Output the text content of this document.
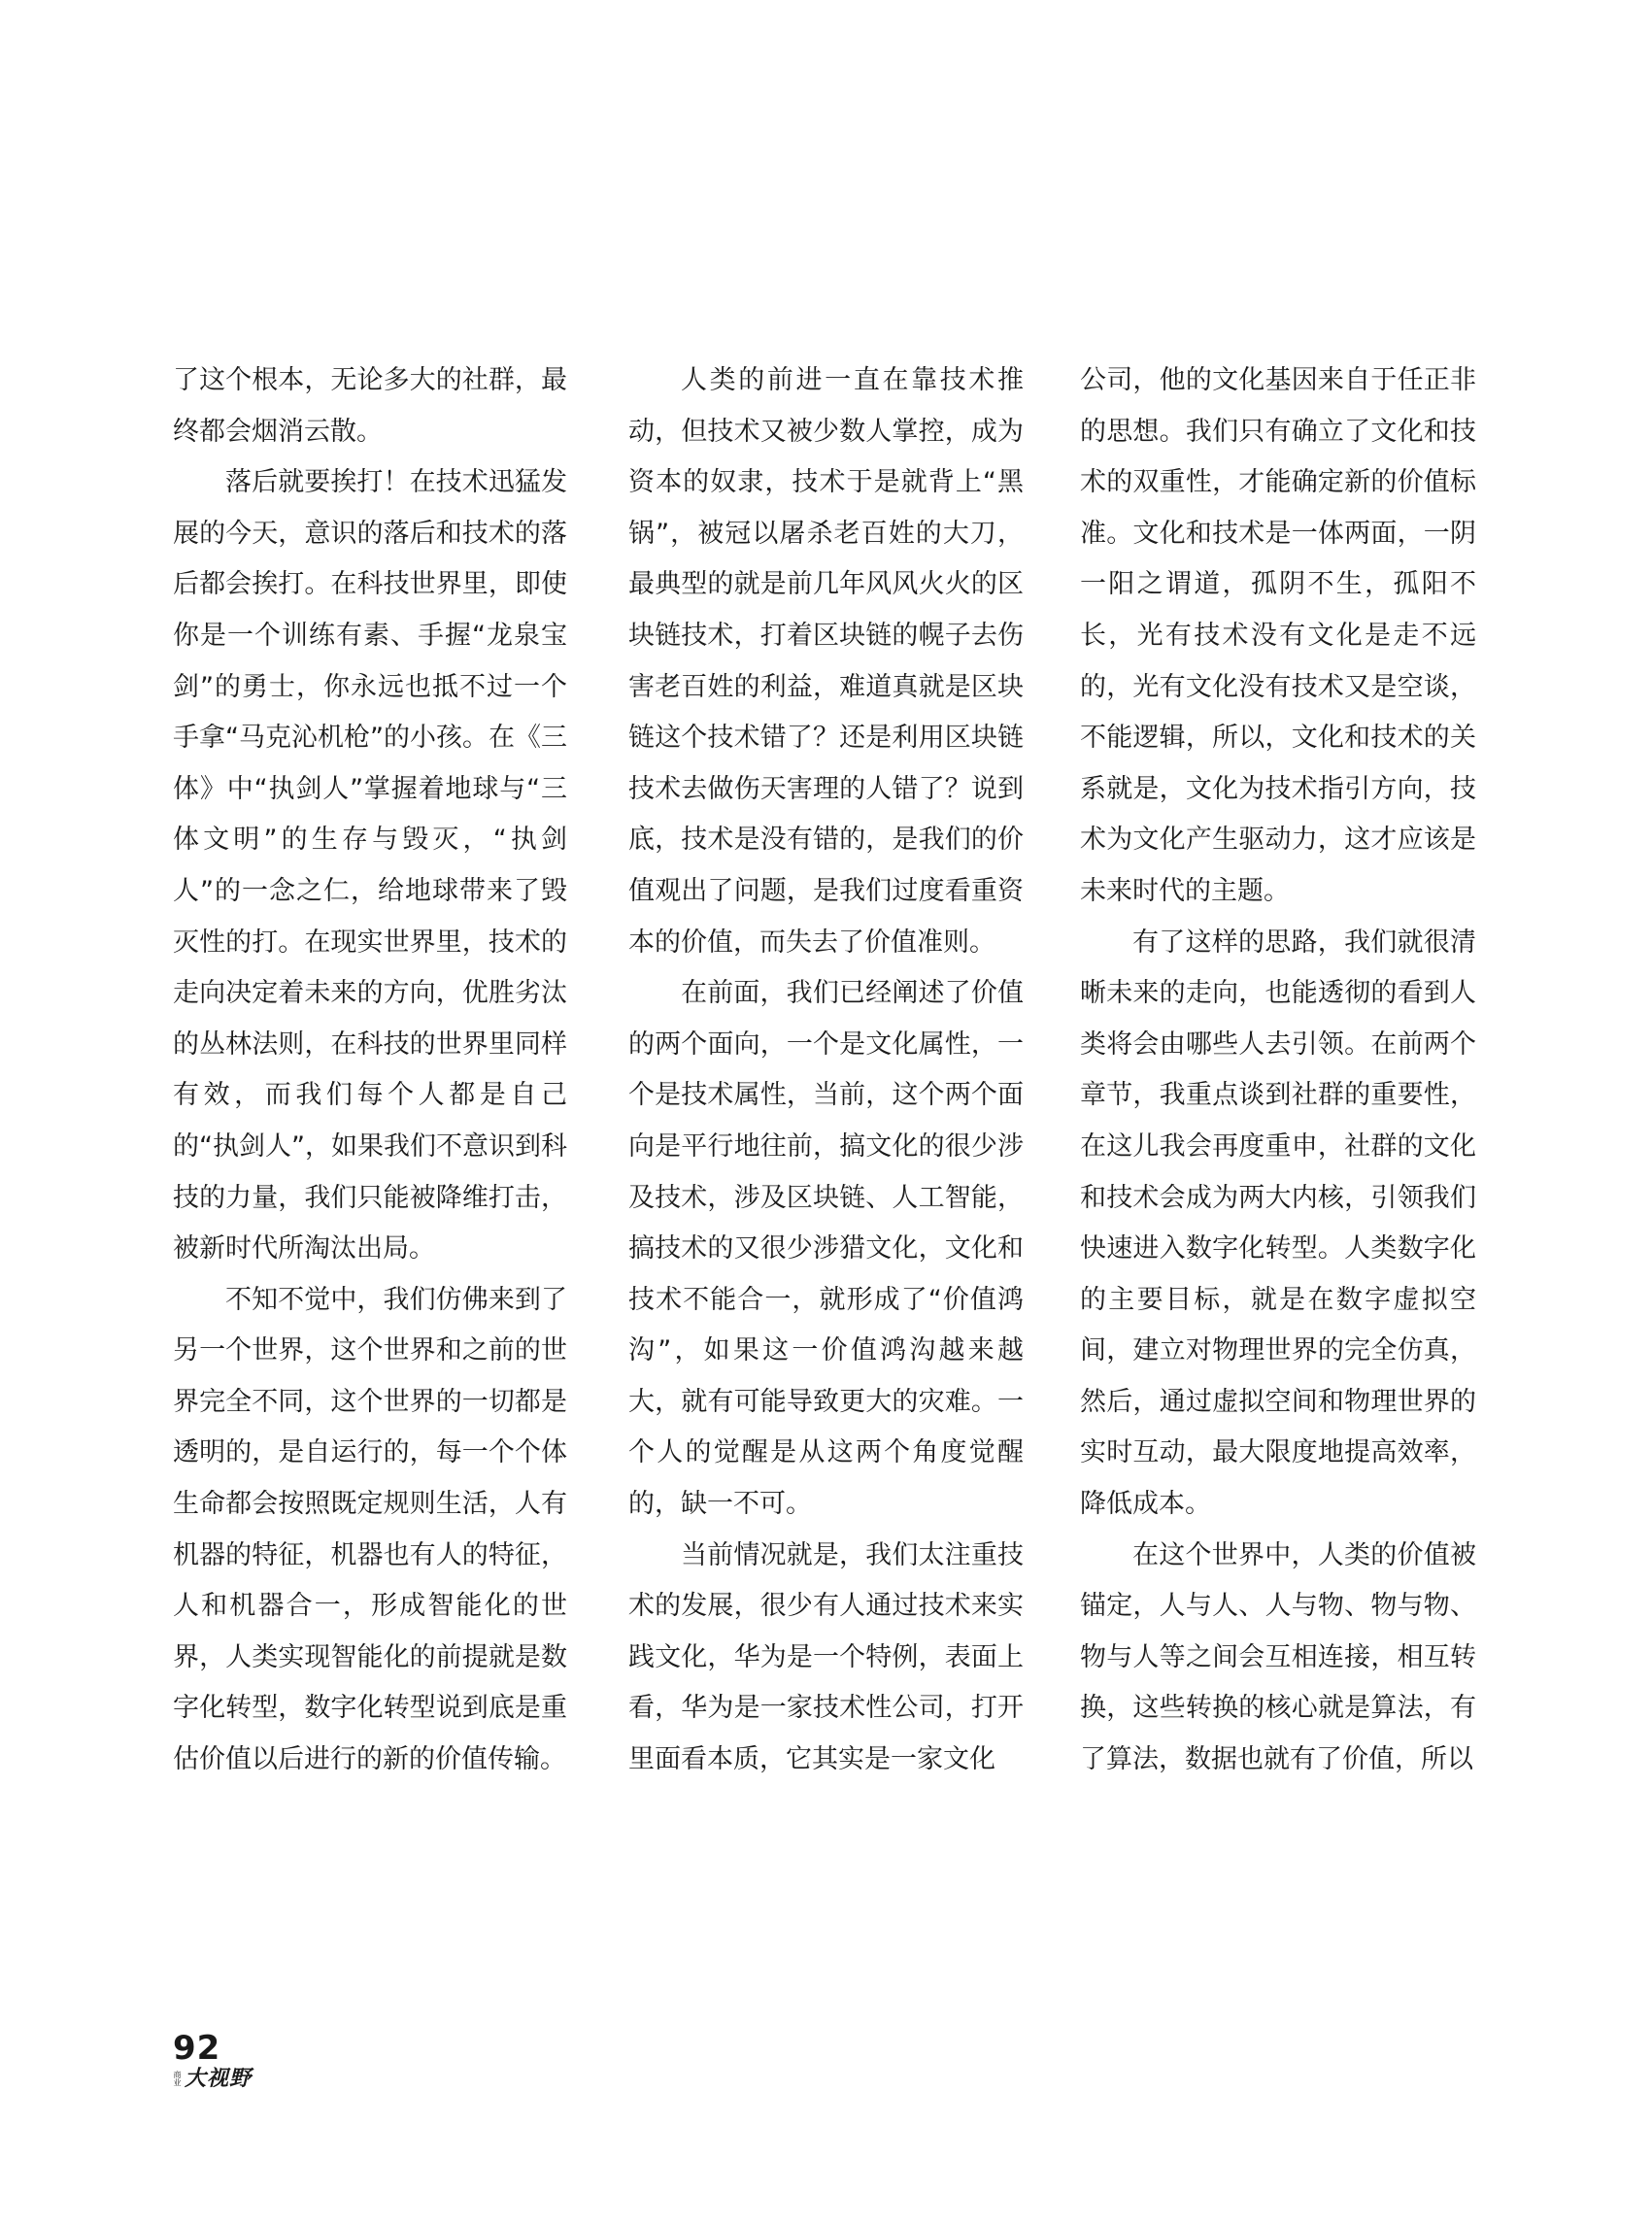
了这个根本，无论多大的社群，最终都会烟消云散。

落后就要挨打！在技术迅猛发展的今天，意识的落后和技术的落后都会挨打。在科技世界里，即使你是一个训练有素、手握“龙泉宝剑”的勇士，你永远也抵不过一个手拿“马克沁机枪”的小孩。在《三体》中“执剑人”掌握着地球与“三体文明”的生存与毁灭，“执剑人”的一念之仁，给地球带来了毁灭性的打。在现实世界里，技术的走向决定着未来的方向，优胜劣汰的丛林法则，在科技的世界里同样有效，而我们每个人都是自己的“执剑人”，如果我们不意识到科技的力量，我们只能被降维打击，被新时代所淘汰出局。

不知不觉中，我们仿佛来到了另一个世界，这个世界和之前的世界完全不同，这个世界的一切都是透明的，是自运行的，每一个个体生命都会按照既定规则生活，人有机器的特征，机器也有人的特征，人和机器合一，形成智能化的世界，人类实现智能化的前提就是数字化转型，数字化转型说到底是重估价值以后进行的新的价值传输。

人类的前进一直在靠技术推动，但技术又被少数人掌控，成为资本的奴隶，技术于是就背上“黑锅”，被冠以屠杀老百姓的大刀，最典型的就是前几年风风火火的区块链技术，打着区块链的幌子去伤害老百姓的利益，难道真就是区块链这个技术错了？还是利用区块链技术去做伤天害理的人错了？说到底，技术是没有错的，是我们的价值观出了问题，是我们过度看重资本的价值，而失去了价值准则。

在前面，我们已经阐述了价值的两个面向，一个是文化属性，一个是技术属性，当前，这个两个面向是平行地往前，搞文化的很少涉及技术，涉及区块链、人工智能，搞技术的又很少涉猎文化，文化和技术不能合一，就形成了“价值鸿沟”，如果这一价值鸿沟越来越大，就有可能导致更大的灾难。一个人的觉醒是从这两个角度觉醒的，缺一不可。

当前情况就是，我们太注重技术的发展，很少有人通过技术来实践文化，华为是一个特例，表面上看，华为是一家技术性公司，打开里面看本质，它其实是一家文化

公司，他的文化基因来自于任正非的思想。我们只有确立了文化和技术的双重性，才能确定新的价值标准。文化和技术是一体两面，一阴一阳之谓道，孤阴不生，孤阳不长，光有技术没有文化是走不远的，光有文化没有技术又是空谈，不能逻辑，所以，文化和技术的关系就是，文化为技术指引方向，技术为文化产生驱动力，这才应该是未来时代的主题。

有了这样的思路，我们就很清晰未来的走向，也能透彻的看到人类将会由哪些人去引领。在前两个章节，我重点谈到社群的重要性，在这儿我会再度重申，社群的文化和技术会成为两大内核，引领我们快速进入数字化转型。人类数字化的主要目标，就是在数字虚拟空间，建立对物理世界的完全仿真，然后，通过虚拟空间和物理世界的实时互动，最大限度地提高效率，降低成本。

在这个世界中，人类的价值被锚定，人与人、人与物、物与物、物与人等之间会互相连接，相互转换，这些转换的核心就是算法，有了算法，数据也就有了价值，所以

92
商业 大视野
